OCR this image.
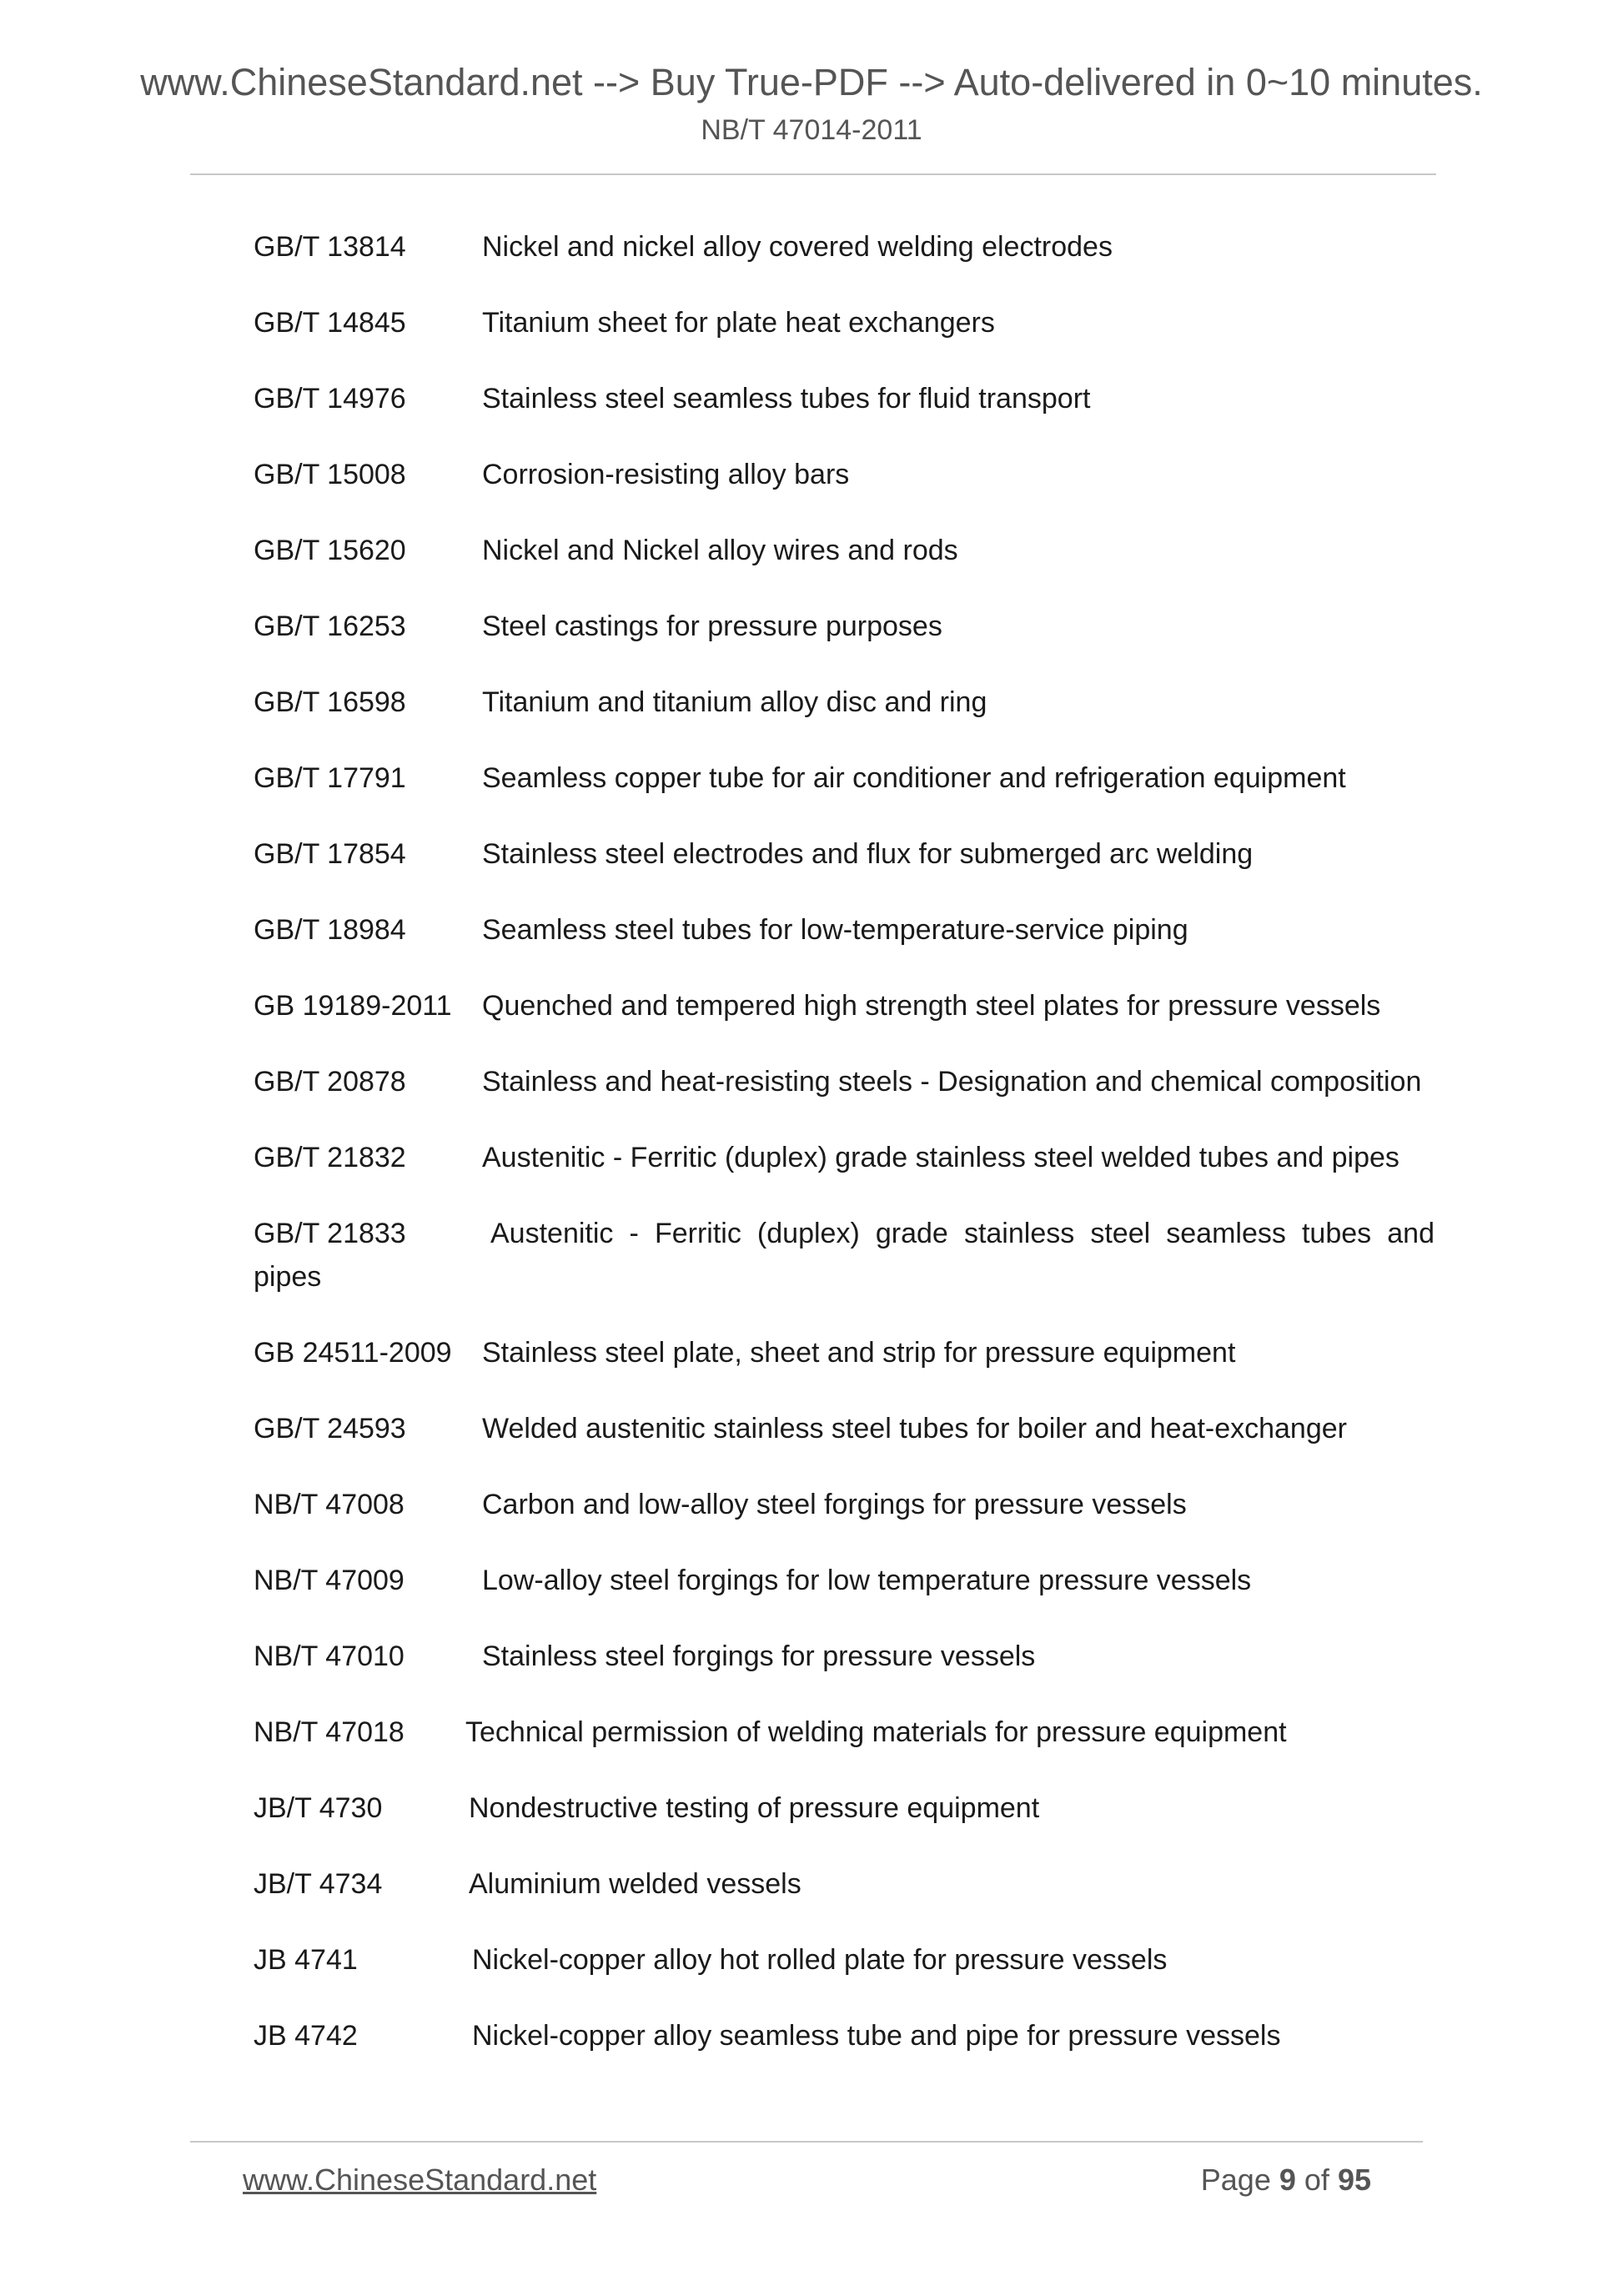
www.ChineseStandard.net --> Buy True-PDF --> Auto-delivered in 0~10 minutes.
NB/T 47014-2011
GB/T 13814	Nickel and nickel alloy covered welding electrodes
GB/T 14845	Titanium sheet for plate heat exchangers
GB/T 14976	Stainless steel seamless tubes for fluid transport
GB/T 15008	Corrosion-resisting alloy bars
GB/T 15620	Nickel and Nickel alloy wires and rods
GB/T 16253	Steel castings for pressure purposes
GB/T 16598	Titanium and titanium alloy disc and ring
GB/T 17791	Seamless copper tube for air conditioner and refrigeration equipment
GB/T 17854	Stainless steel electrodes and flux for submerged arc welding
GB/T 18984	Seamless steel tubes for low-temperature-service piping
GB 19189-2011 Quenched and tempered high strength steel plates for pressure vessels
GB/T 20878	Stainless and heat-resisting steels - Designation and chemical composition
GB/T 21832	Austenitic - Ferritic (duplex) grade stainless steel welded tubes and pipes
GB/T 21833	Austenitic - Ferritic (duplex) grade stainless steel seamless tubes and pipes
GB 24511-2009 Stainless steel plate, sheet and strip for pressure equipment
GB/T 24593	Welded austenitic stainless steel tubes for boiler and heat-exchanger
NB/T 47008	Carbon and low-alloy steel forgings for pressure vessels
NB/T 47009	Low-alloy steel forgings for low temperature pressure vessels
NB/T 47010	Stainless steel forgings for pressure vessels
NB/T 47018 Technical permission of welding materials for pressure equipment
JB/T 4730	Nondestructive testing of pressure equipment
JB/T 4734	Aluminium welded vessels
JB 4741	Nickel-copper alloy hot rolled plate for pressure vessels
JB 4742	Nickel-copper alloy seamless tube and pipe for pressure vessels
www.ChineseStandard.net	Page 9 of 95
